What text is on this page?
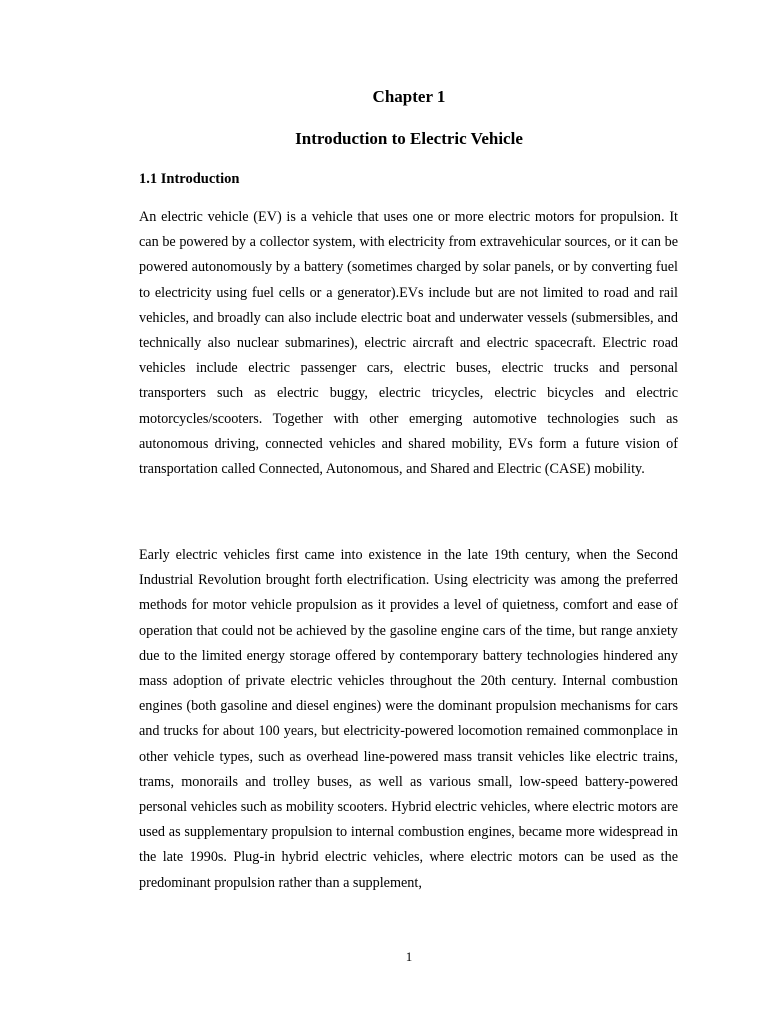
Chapter 1
Introduction to Electric Vehicle
1.1 Introduction

An electric vehicle (EV) is a vehicle that uses one or more electric motors for propulsion. It can be powered by a collector system, with electricity from extravehicular sources, or it can be powered autonomously by a battery (sometimes charged by solar panels, or by converting fuel to electricity using fuel cells or a generator).EVs include but are not limited to road and rail vehicles, and broadly can also include electric boat and underwater vessels (submersibles, and technically also nuclear submarines), electric aircraft and electric spacecraft. Electric road vehicles include electric passenger cars, electric buses, electric trucks and personal transporters such as electric buggy, electric tricycles, electric bicycles and electric motorcycles/scooters. Together with other emerging automotive technologies such as autonomous driving, connected vehicles and shared mobility, EVs form a future vision of transportation called Connected, Autonomous, and Shared and Electric (CASE) mobility.

Early electric vehicles first came into existence in the late 19th century, when the Second Industrial Revolution brought forth electrification. Using electricity was among the preferred methods for motor vehicle propulsion as it provides a level of quietness, comfort and ease of operation that could not be achieved by the gasoline engine cars of the time, but range anxiety due to the limited energy storage offered by contemporary battery technologies hindered any mass adoption of private electric vehicles throughout the 20th century. Internal combustion engines (both gasoline and diesel engines) were the dominant propulsion mechanisms for cars and trucks for about 100 years, but electricity-powered locomotion remained commonplace in other vehicle types, such as overhead line-powered mass transit vehicles like electric trains, trams, monorails and trolley buses, as well as various small, low-speed battery-powered personal vehicles such as mobility scooters. Hybrid electric vehicles, where electric motors are used as supplementary propulsion to internal combustion engines, became more widespread in the late 1990s. Plug-in hybrid electric vehicles, where electric motors can be used as the predominant propulsion rather than a supplement,

1
